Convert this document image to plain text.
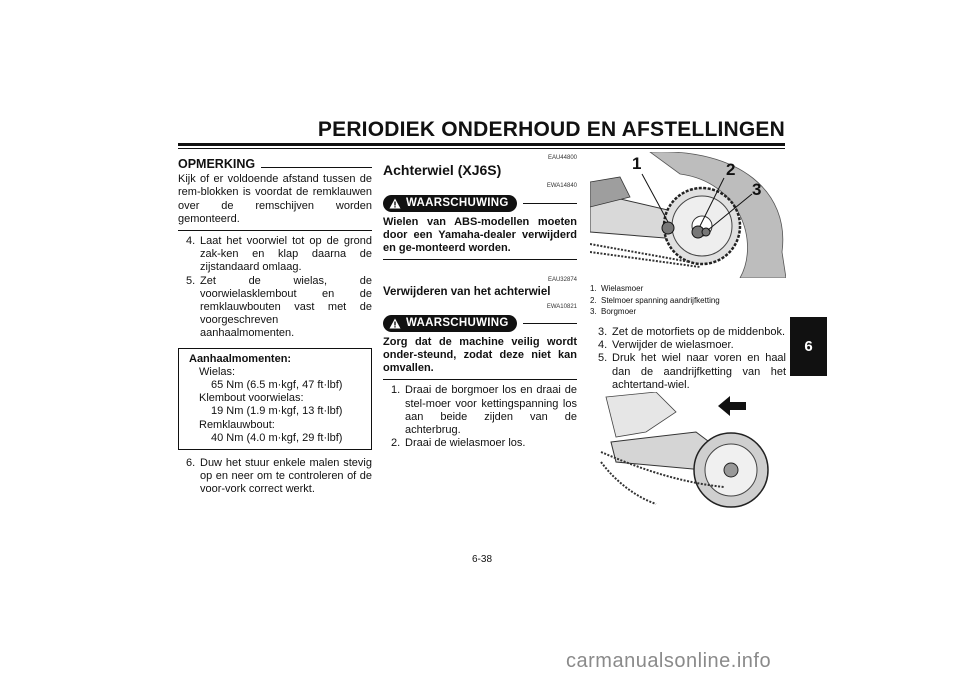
PERIODIEK ONDERHOUD EN AFSTELLINGEN
6
OPMERKING
Kijk of er voldoende afstand tussen de rem-blokken is voordat de remklauwen over de remschijven worden gemonteerd.
4. Laat het voorwiel tot op de grond zak-ken en klap daarna de zijstandaard omlaag.
5. Zet de wielas, de voorwielasklembout en de remklauwbouten vast met de voorgeschreven aanhaalmomenten.
Aanhaalmomenten:
Wielas:
65 Nm (6.5 m·kgf, 47 ft·lbf)
Klembout voorwielas:
19 Nm (1.9 m·kgf, 13 ft·lbf)
Remklauwbout:
40 Nm (4.0 m·kgf, 29 ft·lbf)
6. Duw het stuur enkele malen stevig op en neer om te controleren of de voor-vork correct werkt.
EAU44800
Achterwiel (XJ6S)
EWA14840
WAARSCHUWING
Wielen van ABS-modellen moeten door een Yamaha-dealer verwijderd en ge-monteerd worden.
EAU32874
Verwijderen van het achterwiel
EWA10821
WAARSCHUWING
Zorg dat de machine veilig wordt onder-steund, zodat deze niet kan omvallen.
1. Draai de borgmoer los en draai de stel-moer voor kettingspanning los aan beide zijden van de achterbrug.
2. Draai de wielasmoer los.
1	2
3
1. Wielasmoer
2. Stelmoer spanning aandrijfketting
3. Borgmoer
3. Zet de motorfiets op de middenbok.
4. Verwijder de wielasmoer.
5. Druk het wiel naar voren en haal dan de aandrijfketting van het achtertand-wiel.
6-38
carmanualsonline.info
